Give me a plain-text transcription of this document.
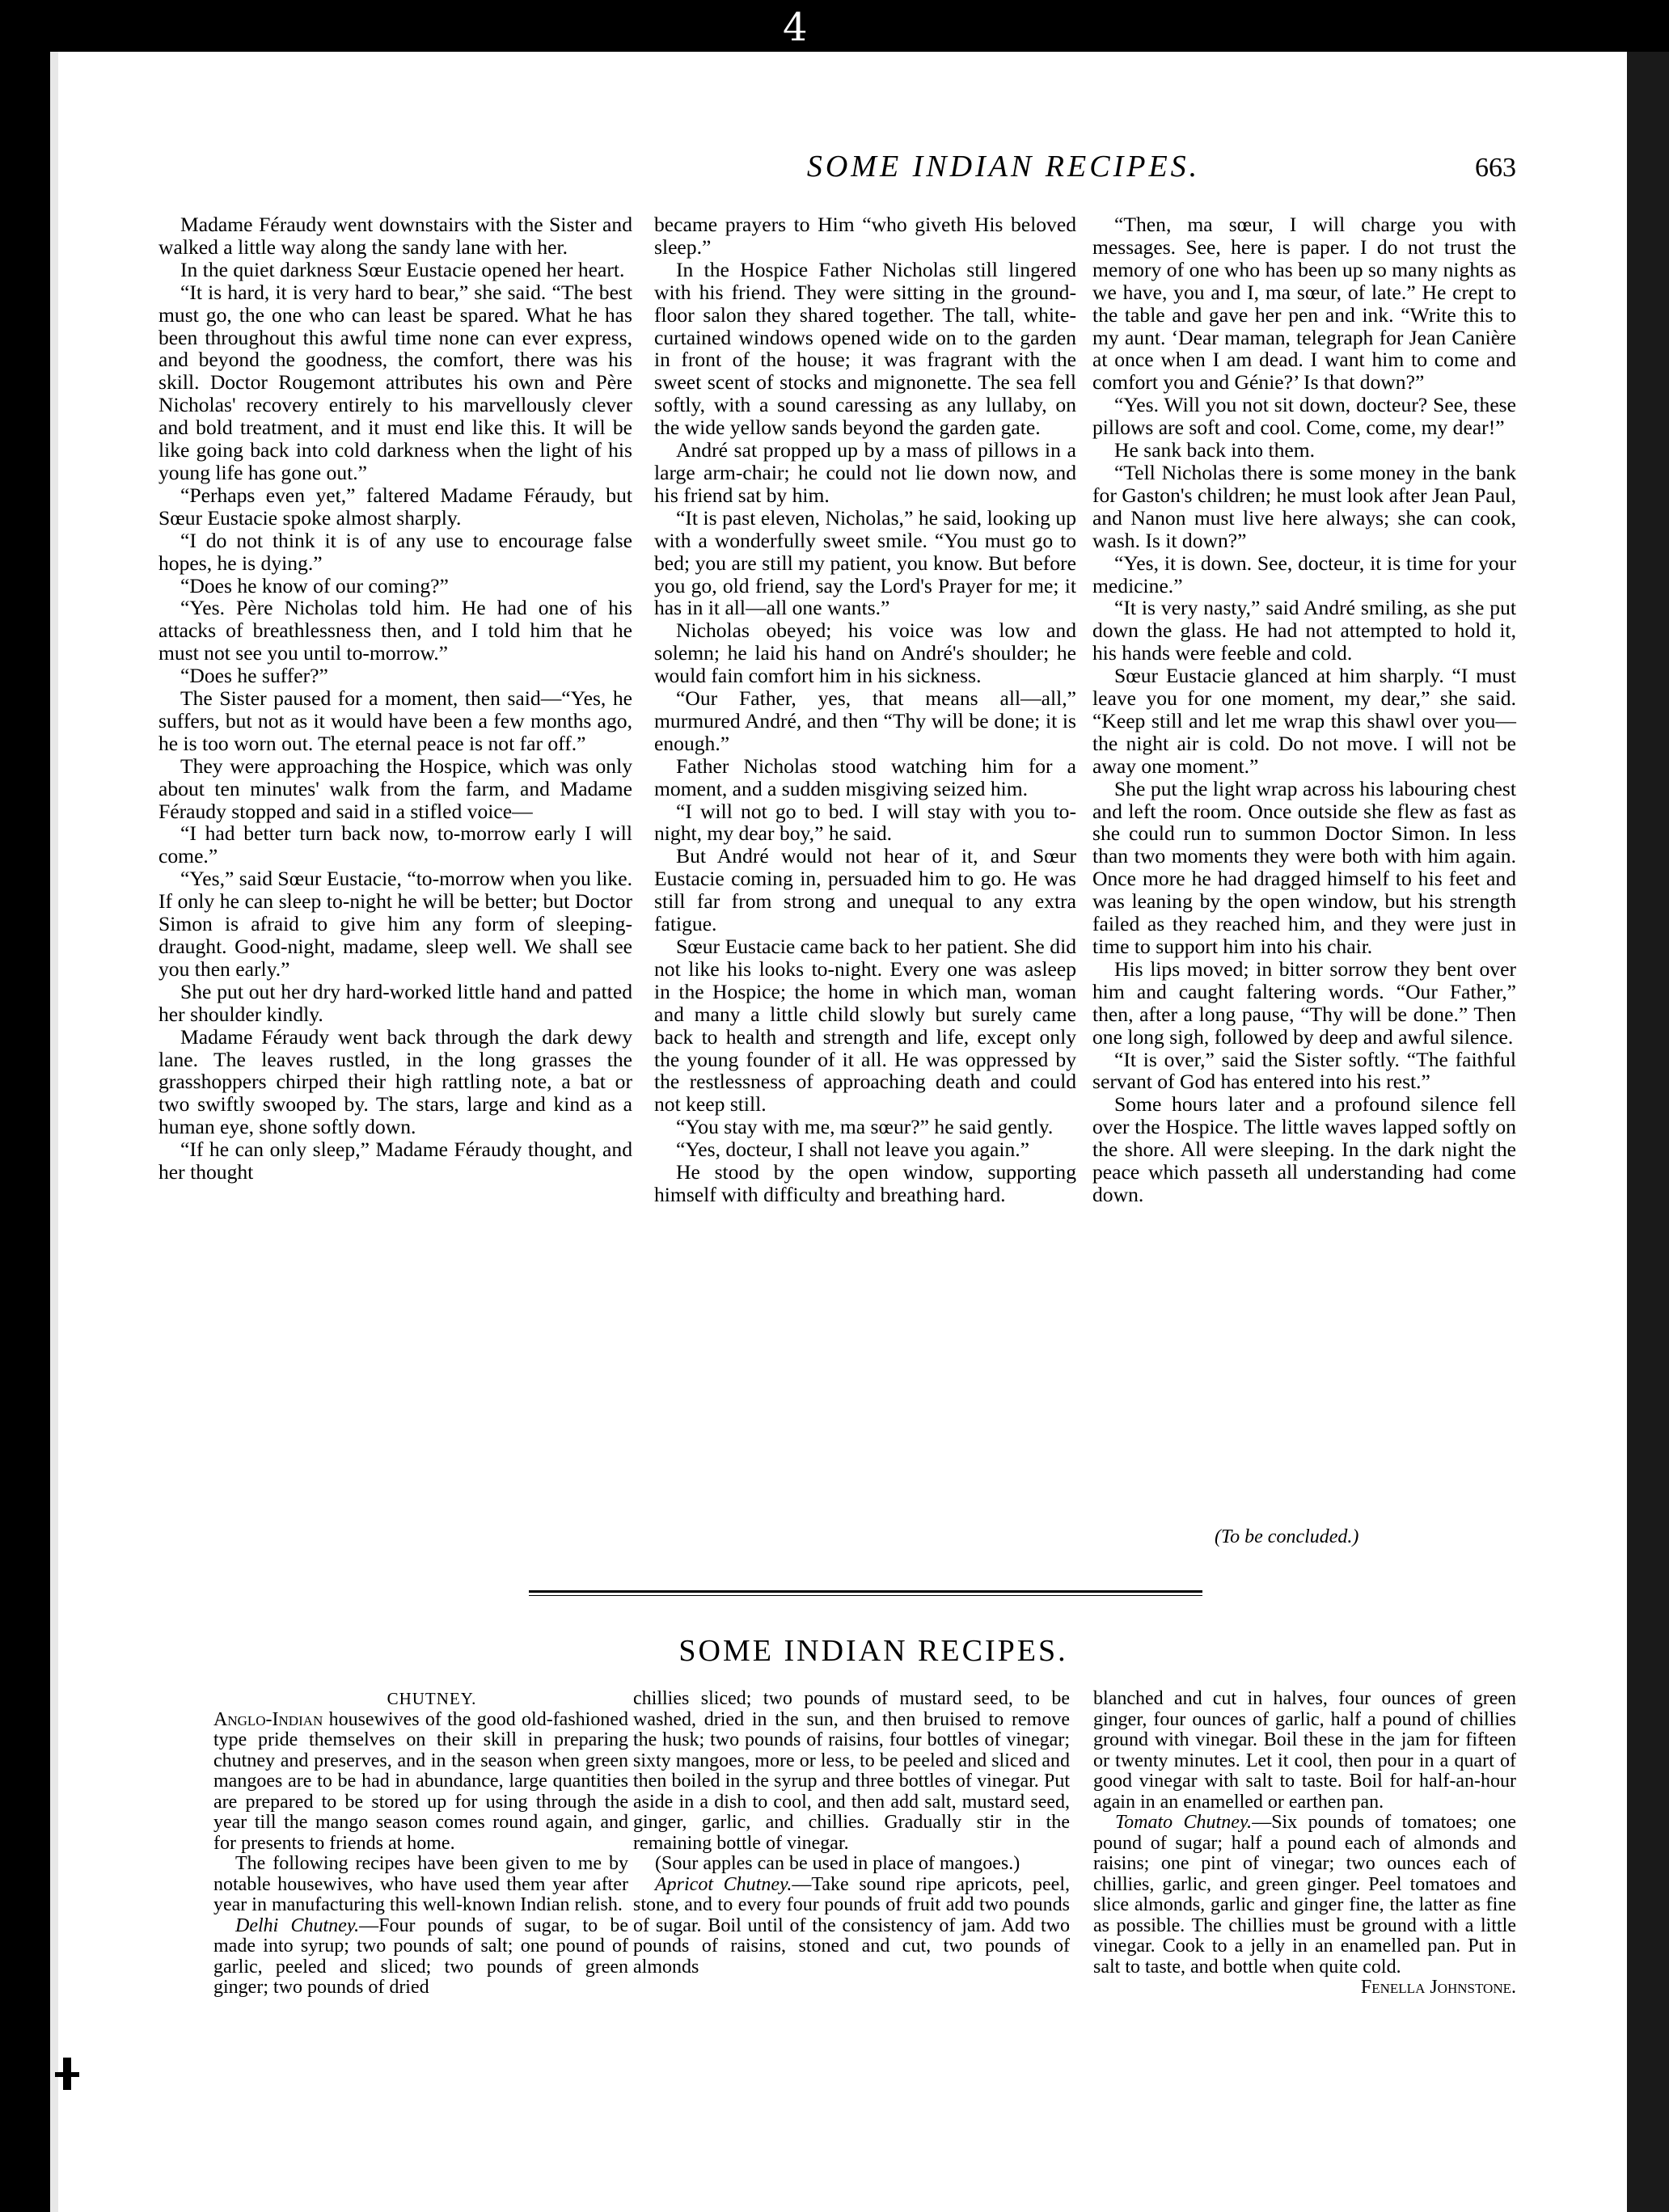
SOME INDIAN RECIPES.	663
4

Madame Féraudy went downstairs with the Sister and walked a little way along the sandy lane with her.

In the quiet darkness Sœur Eustacie opened her heart.

“It is hard, it is very hard to bear,” she said. “The best must go, the one who can least be spared. What he has been throughout this awful time none can ever express, and beyond the goodness, the comfort, there was his skill. Doctor Rougemont attributes his own and Père Nicholas' recovery entirely to his marvellously clever and bold treatment, and it must end like this. It will be like going back into cold darkness when the light of his young life has gone out.”

“Perhaps even yet,” faltered Madame Féraudy, but Sœur Eustacie spoke almost sharply.

“I do not think it is of any use to encourage false hopes, he is dying.”

“Does he know of our coming?”

“Yes. Père Nicholas told him. He had one of his attacks of breathlessness then, and I told him that he must not see you until to-morrow.”

“Does he suffer?”

The Sister paused for a moment, then said—“Yes, he suffers, but not as it would have been a few months ago, he is too worn out. The eternal peace is not far off.”

They were approaching the Hospice, which was only about ten minutes' walk from the farm, and Madame Féraudy stopped and said in a stifled voice—

“I had better turn back now, to-morrow early I will come.”

“Yes,” said Sœur Eustacie, “to-morrow when you like. If only he can sleep to-night he will be better; but Doctor Simon is afraid to give him any form of sleeping-draught. Good-night, madame, sleep well. We shall see you then early.”

She put out her dry hard-worked little hand and patted her shoulder kindly.

Madame Féraudy went back through the dark dewy lane. The leaves rustled, in the long grasses the grasshoppers chirped their high rattling note, a bat or two swiftly swooped by. The stars, large and kind as a human eye, shone softly down.

“If he can only sleep,” Madame Féraudy thought, and her thought

became prayers to Him “who giveth His beloved sleep.”

In the Hospice Father Nicholas still lingered with his friend. They were sitting in the ground-floor salon they shared together. The tall, white-curtained windows opened wide on to the garden in front of the house; it was fragrant with the sweet scent of stocks and mignonette. The sea fell softly, with a sound caressing as any lullaby, on the wide yellow sands beyond the garden gate.

André sat propped up by a mass of pillows in a large arm-chair; he could not lie down now, and his friend sat by him.

“It is past eleven, Nicholas,” he said, looking up with a wonderfully sweet smile. “You must go to bed; you are still my patient, you know. But before you go, old friend, say the Lord's Prayer for me; it has in it all—all one wants.”

Nicholas obeyed; his voice was low and solemn; he laid his hand on André's shoulder; he would fain comfort him in his sickness.

“Our Father, yes, that means all—all,” murmured André, and then “Thy will be done; it is enough.”

Father Nicholas stood watching him for a moment, and a sudden misgiving seized him.

“I will not go to bed. I will stay with you to-night, my dear boy,” he said.

But André would not hear of it, and Sœur Eustacie coming in, persuaded him to go. He was still far from strong and unequal to any extra fatigue.

Sœur Eustacie came back to her patient. She did not like his looks to-night. Every one was asleep in the Hospice; the home in which man, woman and many a little child slowly but surely came back to health and strength and life, except only the young founder of it all. He was oppressed by the restlessness of approaching death and could not keep still.

“You stay with me, ma sœur?” he said gently.

“Yes, docteur, I shall not leave you again.”

He stood by the open window, supporting himself with difficulty and breathing hard.

“Then, ma sœur, I will charge you with messages. See, here is paper. I do not trust the memory of one who has been up so many nights as we have, you and I, ma sœur, of late.” He crept to the table and gave her pen and ink. “Write this to my aunt. ‘Dear maman, telegraph for Jean Canière at once when I am dead. I want him to come and comfort you and Génie?’ Is that down?”

“Yes. Will you not sit down, docteur? See, these pillows are soft and cool. Come, come, my dear!”

He sank back into them.

“Tell Nicholas there is some money in the bank for Gaston's children; he must look after Jean Paul, and Nanon must live here always; she can cook, wash. Is it down?”

“Yes, it is down. See, docteur, it is time for your medicine.”

“It is very nasty,” said André smiling, as she put down the glass. He had not attempted to hold it, his hands were feeble and cold.

Sœur Eustacie glanced at him sharply. “I must leave you for one moment, my dear,” she said. “Keep still and let me wrap this shawl over you—the night air is cold. Do not move. I will not be away one moment.”

She put the light wrap across his labouring chest and left the room. Once outside she flew as fast as she could run to summon Doctor Simon. In less than two moments they were both with him again. Once more he had dragged himself to his feet and was leaning by the open window, but his strength failed as they reached him, and they were just in time to support him into his chair.

His lips moved; in bitter sorrow they bent over him and caught faltering words. “Our Father,” then, after a long pause, “Thy will be done.” Then one long sigh, followed by deep and awful silence.

“It is over,” said the Sister softly. “The faithful servant of God has entered into his rest.”

Some hours later and a profound silence fell over the Hospice. The little waves lapped softly on the shore. All were sleeping. In the dark night the peace which passeth all understanding had come down.

(To be concluded.)
SOME INDIAN RECIPES.

CHUTNEY.

Anglo-Indian housewives of the good old-fashioned type pride themselves on their skill in preparing chutney and preserves, and in the season when green mangoes are to be had in abundance, large quantities are prepared to be stored up for using through the year till the mango season comes round again, and for presents to friends at home.

The following recipes have been given to me by notable housewives, who have used them year after year in manufacturing this well-known Indian relish.

Delhi Chutney.—Four pounds of sugar, to be made into syrup; two pounds of salt; one pound of garlic, peeled and sliced; two pounds of green ginger; two pounds of dried

chillies sliced; two pounds of mustard seed, to be washed, dried in the sun, and then bruised to remove the husk; two pounds of raisins, four bottles of vinegar; sixty mangoes, more or less, to be peeled and sliced and then boiled in the syrup and three bottles of vinegar. Put aside in a dish to cool, and then add salt, mustard seed, ginger, garlic, and chillies. Gradually stir in the remaining bottle of vinegar.

(Sour apples can be used in place of mangoes.)

Apricot Chutney.—Take sound ripe apricots, peel, stone, and to every four pounds of fruit add two pounds of sugar. Boil until of the consistency of jam. Add two pounds of raisins, stoned and cut, two pounds of almonds

blanched and cut in halves, four ounces of green ginger, four ounces of garlic, half a pound of chillies ground with vinegar. Boil these in the jam for fifteen or twenty minutes. Let it cool, then pour in a quart of good vinegar with salt to taste. Boil for half-an-hour again in an enamelled or earthen pan.

Tomato Chutney.—Six pounds of tomatoes; one pound of sugar; half a pound each of almonds and raisins; one pint of vinegar; two ounces each of chillies, garlic, and green ginger. Peel tomatoes and slice almonds, garlic and ginger fine, the latter as fine as possible. The chillies must be ground with a little vinegar. Cook to a jelly in an enamelled pan. Put in salt to taste, and bottle when quite cold.

Fenella Johnstone.
